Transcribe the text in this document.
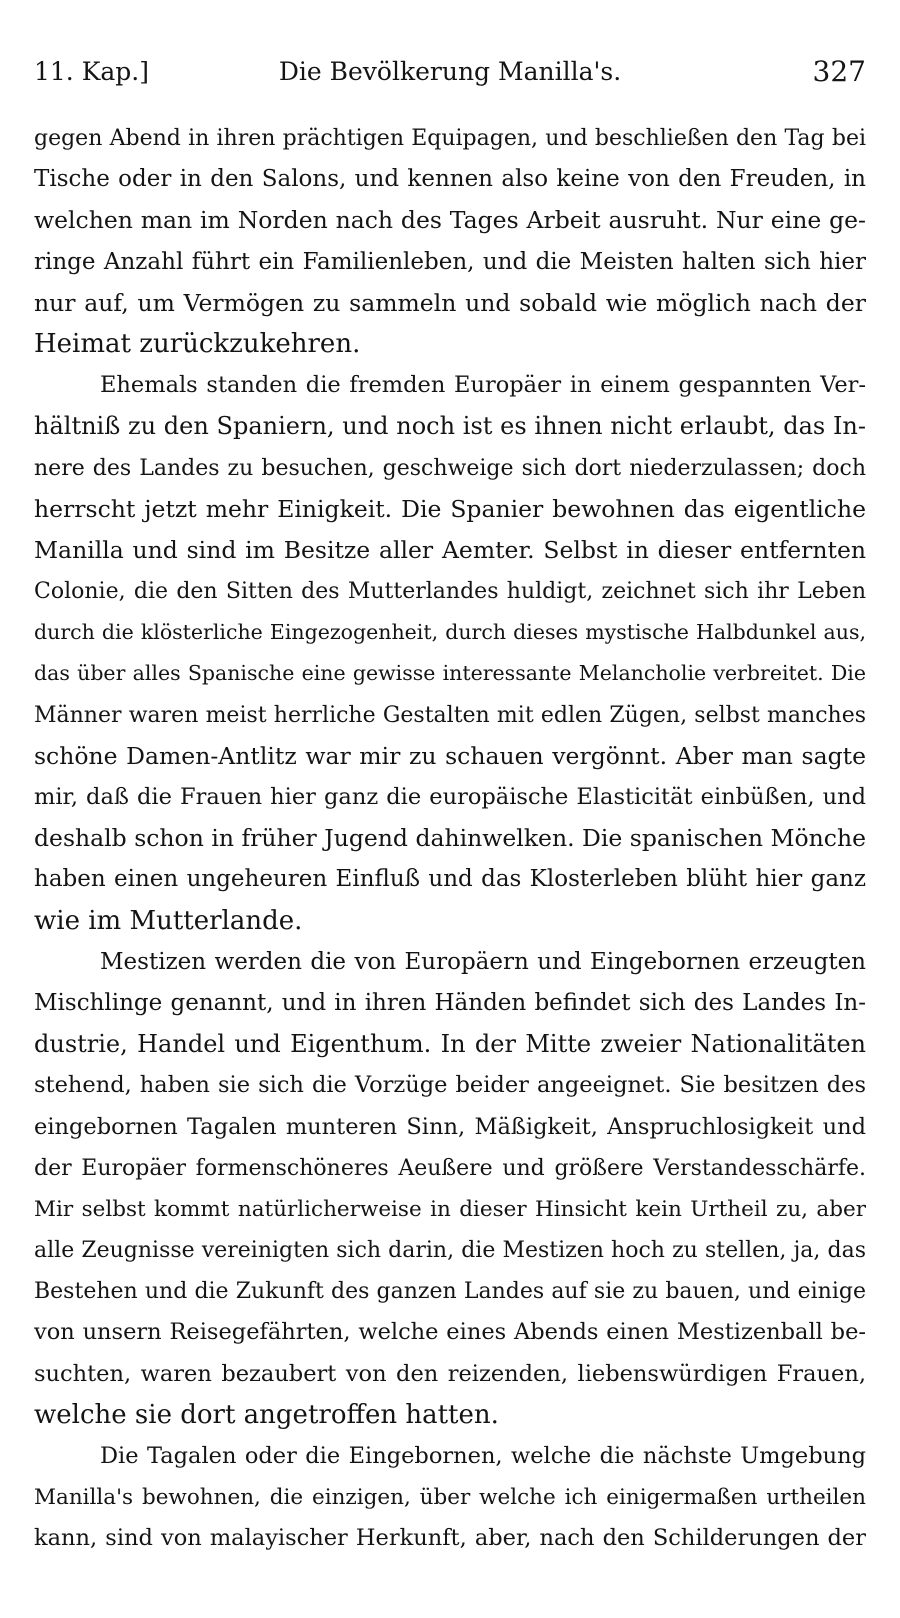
11. Kap.]	Die Bevölkerung Manilla's.	327
gegen Abend in ihren prächtigen Equipagen, und beschließen den Tag bei
Tische oder in den Salons, und kennen also keine von den Freuden, in
welchen man im Norden nach des Tages Arbeit ausruht. Nur eine ge-
ringe Anzahl führt ein Familienleben, und die Meisten halten sich hier
nur auf, um Vermögen zu sammeln und sobald wie möglich nach der
Heimat zurückzukehren.
Ehemals standen die fremden Europäer in einem gespannten Ver-
hältniß zu den Spaniern, und noch ist es ihnen nicht erlaubt, das In-
nere des Landes zu besuchen, geschweige sich dort niederzulassen; doch
herrscht jetzt mehr Einigkeit. Die Spanier bewohnen das eigentliche
Manilla und sind im Besitze aller Aemter. Selbst in dieser entfernten
Colonie, die den Sitten des Mutterlandes huldigt, zeichnet sich ihr Leben
durch die klösterliche Eingezogenheit, durch dieses mystische Halbdunkel aus,
das über alles Spanische eine gewisse interessante Melancholie verbreitet. Die
Männer waren meist herrliche Gestalten mit edlen Zügen, selbst manches
schöne Damen-Antlitz war mir zu schauen vergönnt. Aber man sagte
mir, daß die Frauen hier ganz die europäische Elasticität einbüßen, und
deshalb schon in früher Jugend dahinwelken. Die spanischen Mönche
haben einen ungeheuren Einfluß und das Klosterleben blüht hier ganz
wie im Mutterlande.
Mestizen werden die von Europäern und Eingebornen erzeugten
Mischlinge genannt, und in ihren Händen befindet sich des Landes In-
dustrie, Handel und Eigenthum. In der Mitte zweier Nationalitäten
stehend, haben sie sich die Vorzüge beider angeeignet. Sie besitzen des
eingebornen Tagalen munteren Sinn, Mäßigkeit, Anspruchlosigkeit und
der Europäer formenschöneres Aeußere und größere Verstandesschärfe.
Mir selbst kommt natürlicherweise in dieser Hinsicht kein Urtheil zu, aber
alle Zeugnisse vereinigten sich darin, die Mestizen hoch zu stellen, ja, das
Bestehen und die Zukunft des ganzen Landes auf sie zu bauen, und einige
von unsern Reisegefährten, welche eines Abends einen Mestizenball be-
suchten, waren bezaubert von den reizenden, liebenswürdigen Frauen,
welche sie dort angetroffen hatten.
Die Tagalen oder die Eingebornen, welche die nächste Umgebung
Manilla's bewohnen, die einzigen, über welche ich einigermaßen urtheilen
kann, sind von malayischer Herkunft, aber, nach den Schilderungen der
